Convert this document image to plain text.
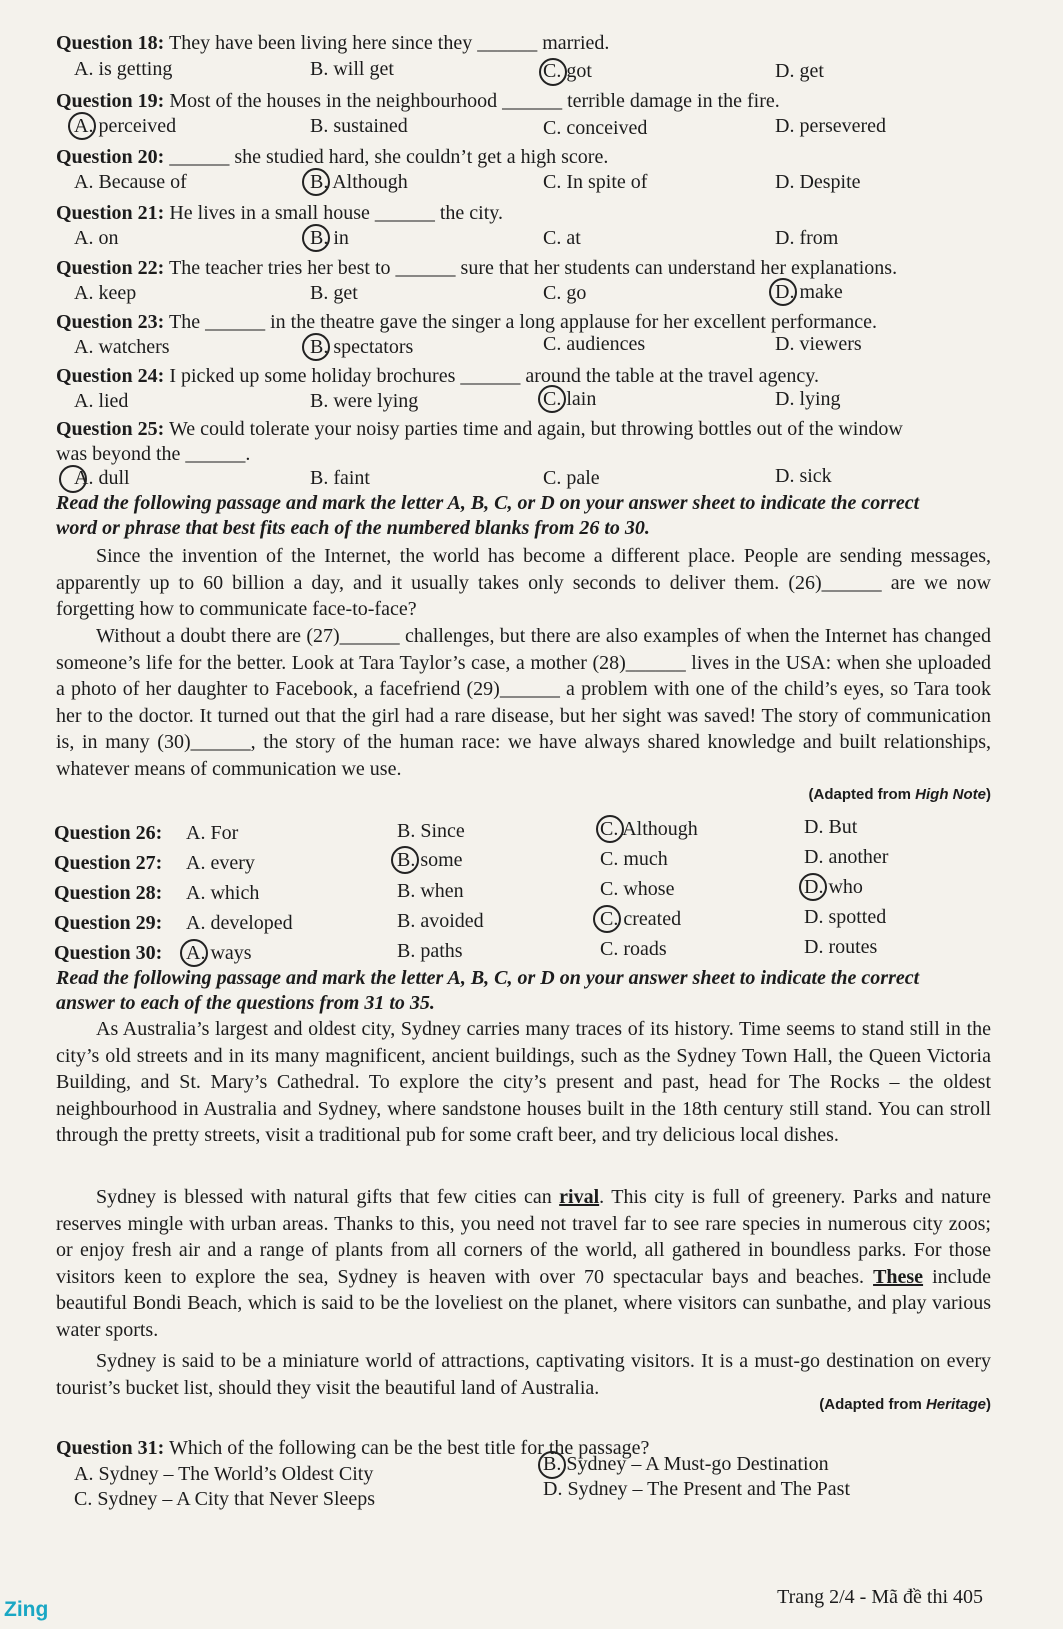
Question 18: They have been living here since they ______ married.
A. is getting	B. will get	C. got	D. get
Question 19: Most of the houses in the neighbourhood ______ terrible damage in the fire.
A. perceived	B. sustained	C. conceived	D. persevered
Question 20: ______ she studied hard, she couldn’t get a high score.
A. Because of	B. Although	C. In spite of	D. Despite
Question 21: He lives in a small house ______ the city.
A. on	B. in	C. at	D. from
Question 22: The teacher tries her best to ______ sure that her students can understand her explanations.
A. keep	B. get	C. go	D. make
Question 23: The ______ in the theatre gave the singer a long applause for her excellent performance.
A. watchers	B. spectators	C. audiences	D. viewers
Question 24: I picked up some holiday brochures ______ around the table at the travel agency.
A. lied	B. were lying	C. lain	D. lying
Question 25: We could tolerate your noisy parties time and again, but throwing bottles out of the window
was beyond the ______.
A. dull	B. faint	C. pale	D. sick
Read the following passage and mark the letter A, B, C, or D on your answer sheet to indicate the correct
word or phrase that best fits each of the numbered blanks from 26 to 30.
Since the invention of the Internet, the world has become a different place. People are sending messages, apparently up to 60 billion a day, and it usually takes only seconds to deliver them. (26)______ are we now forgetting how to communicate face-to-face?
Without a doubt there are (27)______ challenges, but there are also examples of when the Internet has changed someone’s life for the better. Look at Tara Taylor’s case, a mother (28)______ lives in the USA: when she uploaded a photo of her daughter to Facebook, a facefriend (29)______ a problem with one of the child’s eyes, so Tara took her to the doctor. It turned out that the girl had a rare disease, but her sight was saved! The story of communication is, in many (30)______, the story of the human race: we have always shared knowledge and built relationships, whatever means of communication we use.
(Adapted from High Note)
Question 26: A. For	B. Since	C. Although	D. But
Question 27: A. every	B. some	C. much	D. another
Question 28: A. which	B. when	C. whose	D. who
Question 29: A. developed	B. avoided	C. created	D. spotted
Question 30: A. ways	B. paths	C. roads	D. routes
Read the following passage and mark the letter A, B, C, or D on your answer sheet to indicate the correct
answer to each of the questions from 31 to 35.
As Australia’s largest and oldest city, Sydney carries many traces of its history. Time seems to stand still in the city’s old streets and in its many magnificent, ancient buildings, such as the Sydney Town Hall, the Queen Victoria Building, and St. Mary’s Cathedral. To explore the city’s present and past, head for The Rocks – the oldest neighbourhood in Australia and Sydney, where sandstone houses built in the 18th century still stand. You can stroll through the pretty streets, visit a traditional pub for some craft beer, and try delicious local dishes.
Sydney is blessed with natural gifts that few cities can rival. This city is full of greenery. Parks and nature reserves mingle with urban areas. Thanks to this, you need not travel far to see rare species in numerous city zoos; or enjoy fresh air and a range of plants from all corners of the world, all gathered in boundless parks. For those visitors keen to explore the sea, Sydney is heaven with over 70 spectacular bays and beaches. These include beautiful Bondi Beach, which is said to be the loveliest on the planet, where visitors can sunbathe, and play various water sports.
Sydney is said to be a miniature world of attractions, captivating visitors. It is a must-go destination on every tourist’s bucket list, should they visit the beautiful land of Australia.
(Adapted from Heritage)
Question 31: Which of the following can be the best title for the passage?
A. Sydney – The World’s Oldest City	B. Sydney – A Must-go Destination
C. Sydney – A City that Never Sleeps	D. Sydney – The Present and The Past
Trang 2/4 - Mã đề thi 405
Zing
